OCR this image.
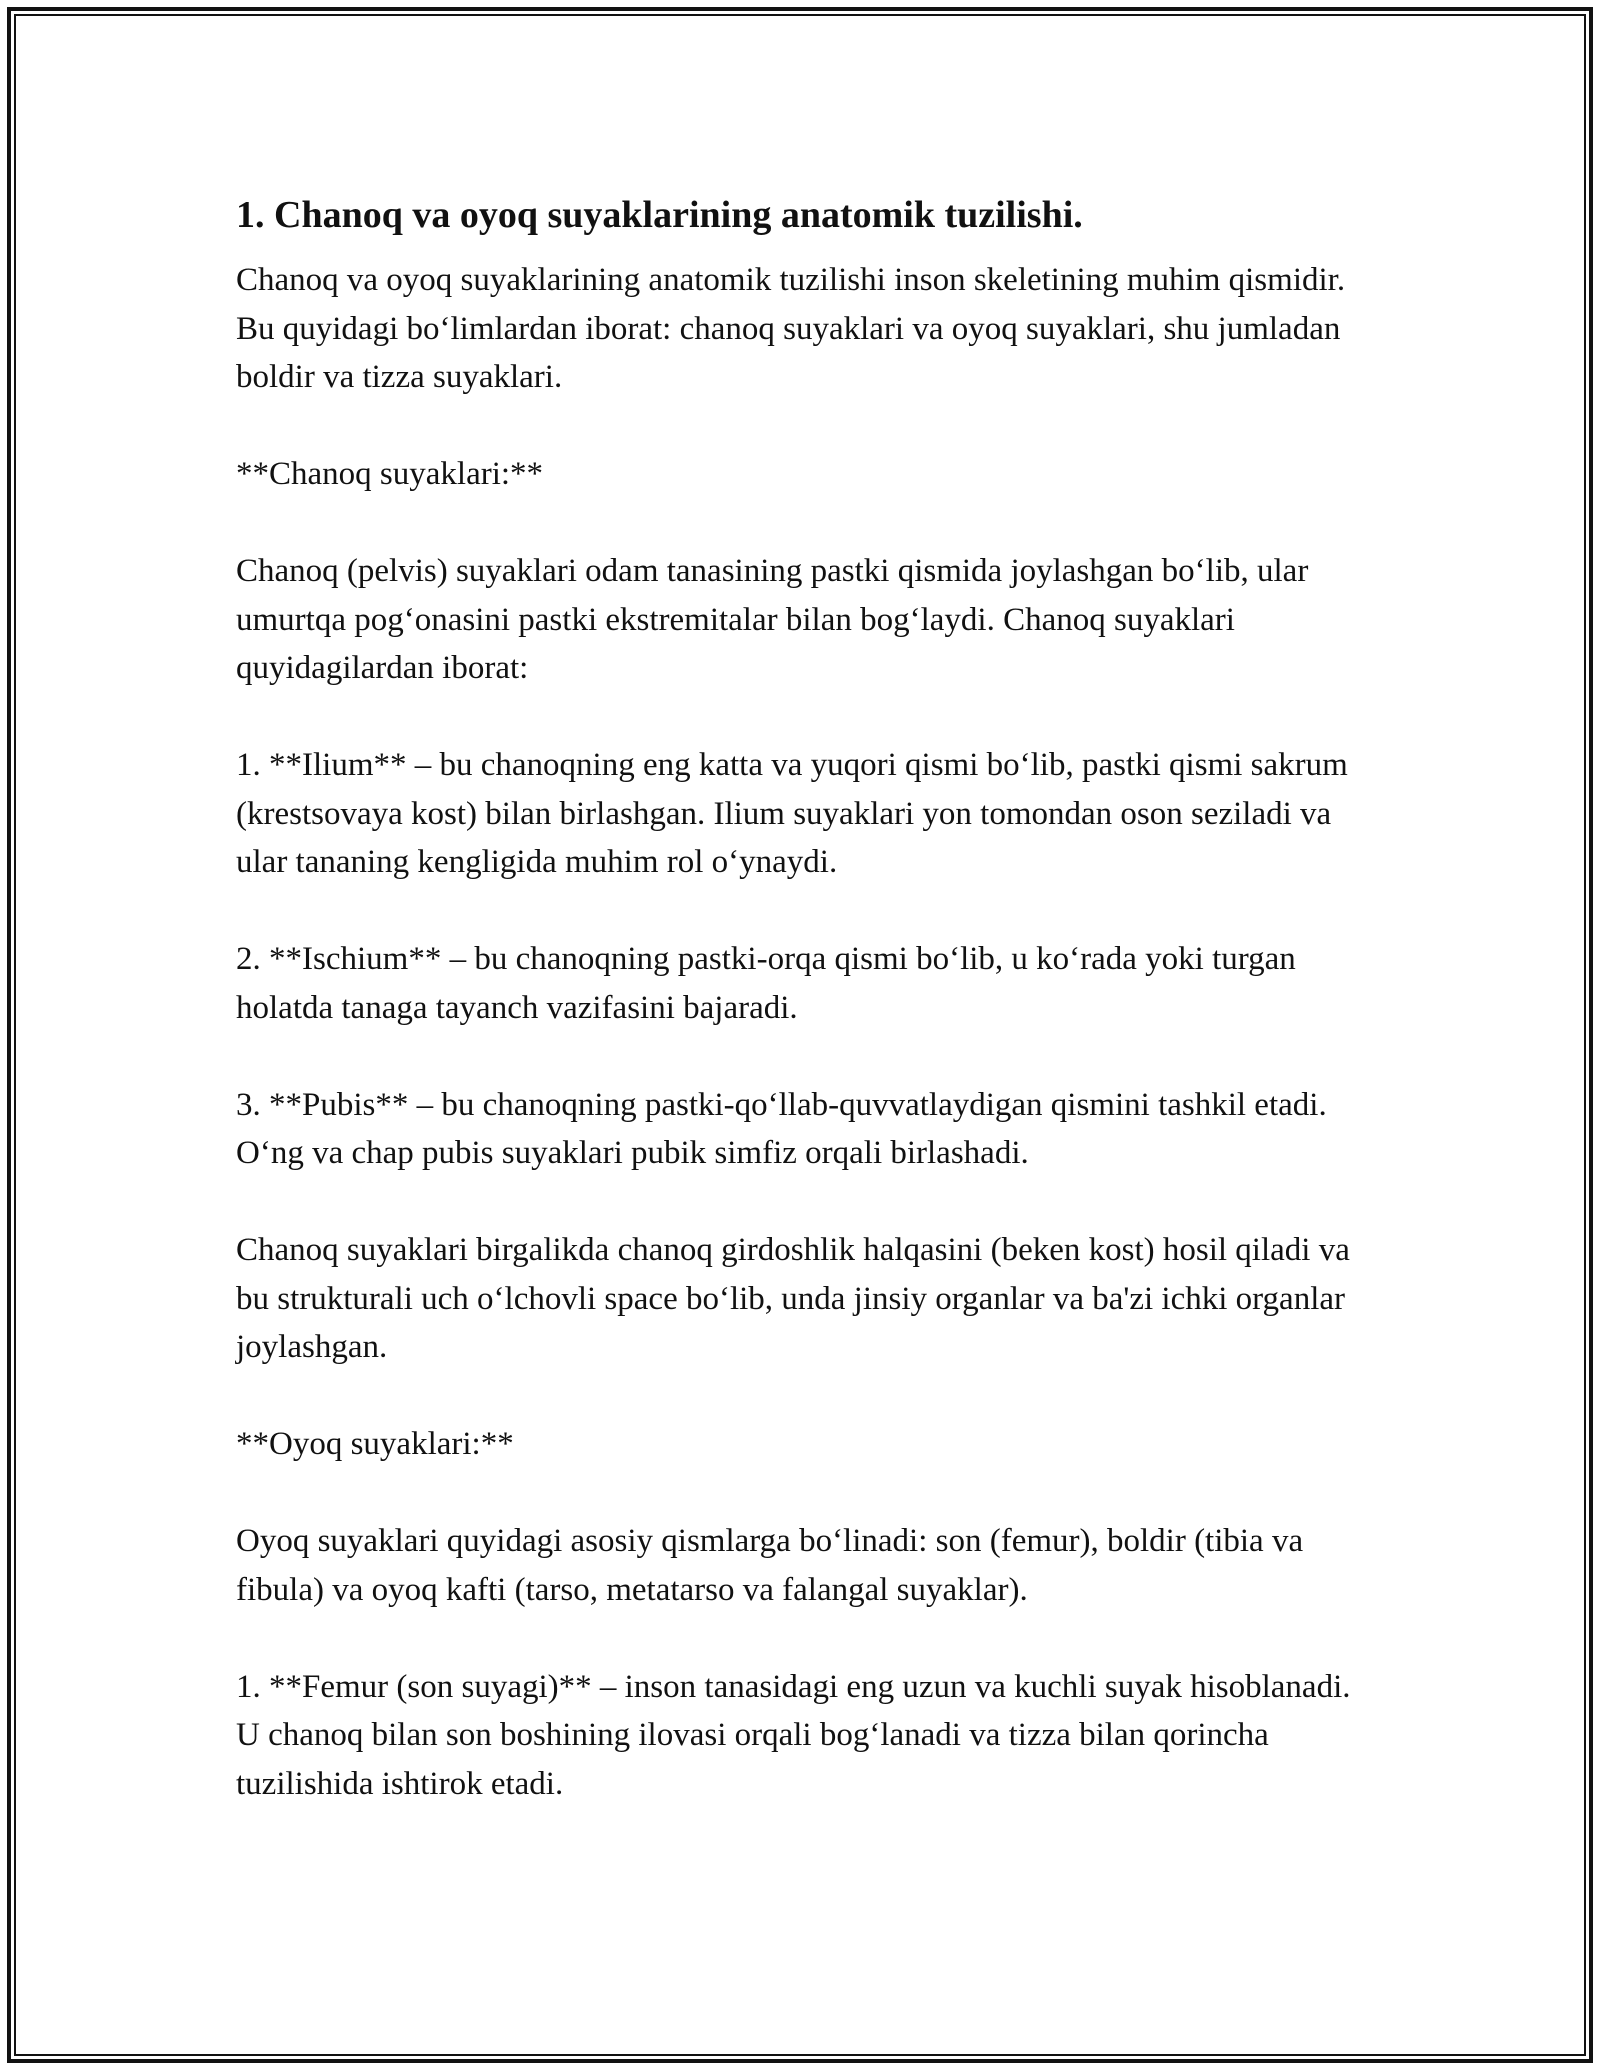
1. Chanoq va oyoq suyaklarining anatomik tuzilishi.

Chanoq va oyoq suyaklarining anatomik tuzilishi inson skeletining muhim qismidir. Bu quyidagi bo‘limlardan iborat: chanoq suyaklari va oyoq suyaklari, shu jumladan boldir va tizza suyaklari.

**Chanoq suyaklari:**

Chanoq (pelvis) suyaklari odam tanasining pastki qismida joylashgan bo‘lib, ular umurtqa pog‘onasini pastki ekstremitalar bilan bog‘laydi. Chanoq suyaklari quyidagilardan iborat:

1. **Ilium** – bu chanoqning eng katta va yuqori qismi bo‘lib, pastki qismi sakrum (krestsovaya kost) bilan birlashgan. Ilium suyaklari yon tomondan oson seziladi va ular tananing kengligida muhim rol o‘ynaydi.

2. **Ischium** – bu chanoqning pastki-orqa qismi bo‘lib, u ko‘rada yoki turgan holatda tanaga tayanch vazifasini bajaradi.

3. **Pubis** – bu chanoqning pastki-qo‘llab-quvvatlaydigan qismini tashkil etadi. O‘ng va chap pubis suyaklari pubik simfiz orqali birlashadi.

Chanoq suyaklari birgalikda chanoq girdoshlik halqasini (beken kost) hosil qiladi va bu strukturali uch o‘lchovli space bo‘lib, unda jinsiy organlar va ba'zi ichki organlar joylashgan.

**Oyoq suyaklari:**

Oyoq suyaklari quyidagi asosiy qismlarga bo‘linadi: son (femur), boldir (tibia va fibula) va oyoq kafti (tarso, metatarso va falangal suyaklar).

1. **Femur (son suyagi)** – inson tanasidagi eng uzun va kuchli suyak hisoblanadi. U chanoq bilan son boshining ilovasi orqali bog‘lanadi va tizza bilan qorincha tuzilishida ishtirok etadi.
